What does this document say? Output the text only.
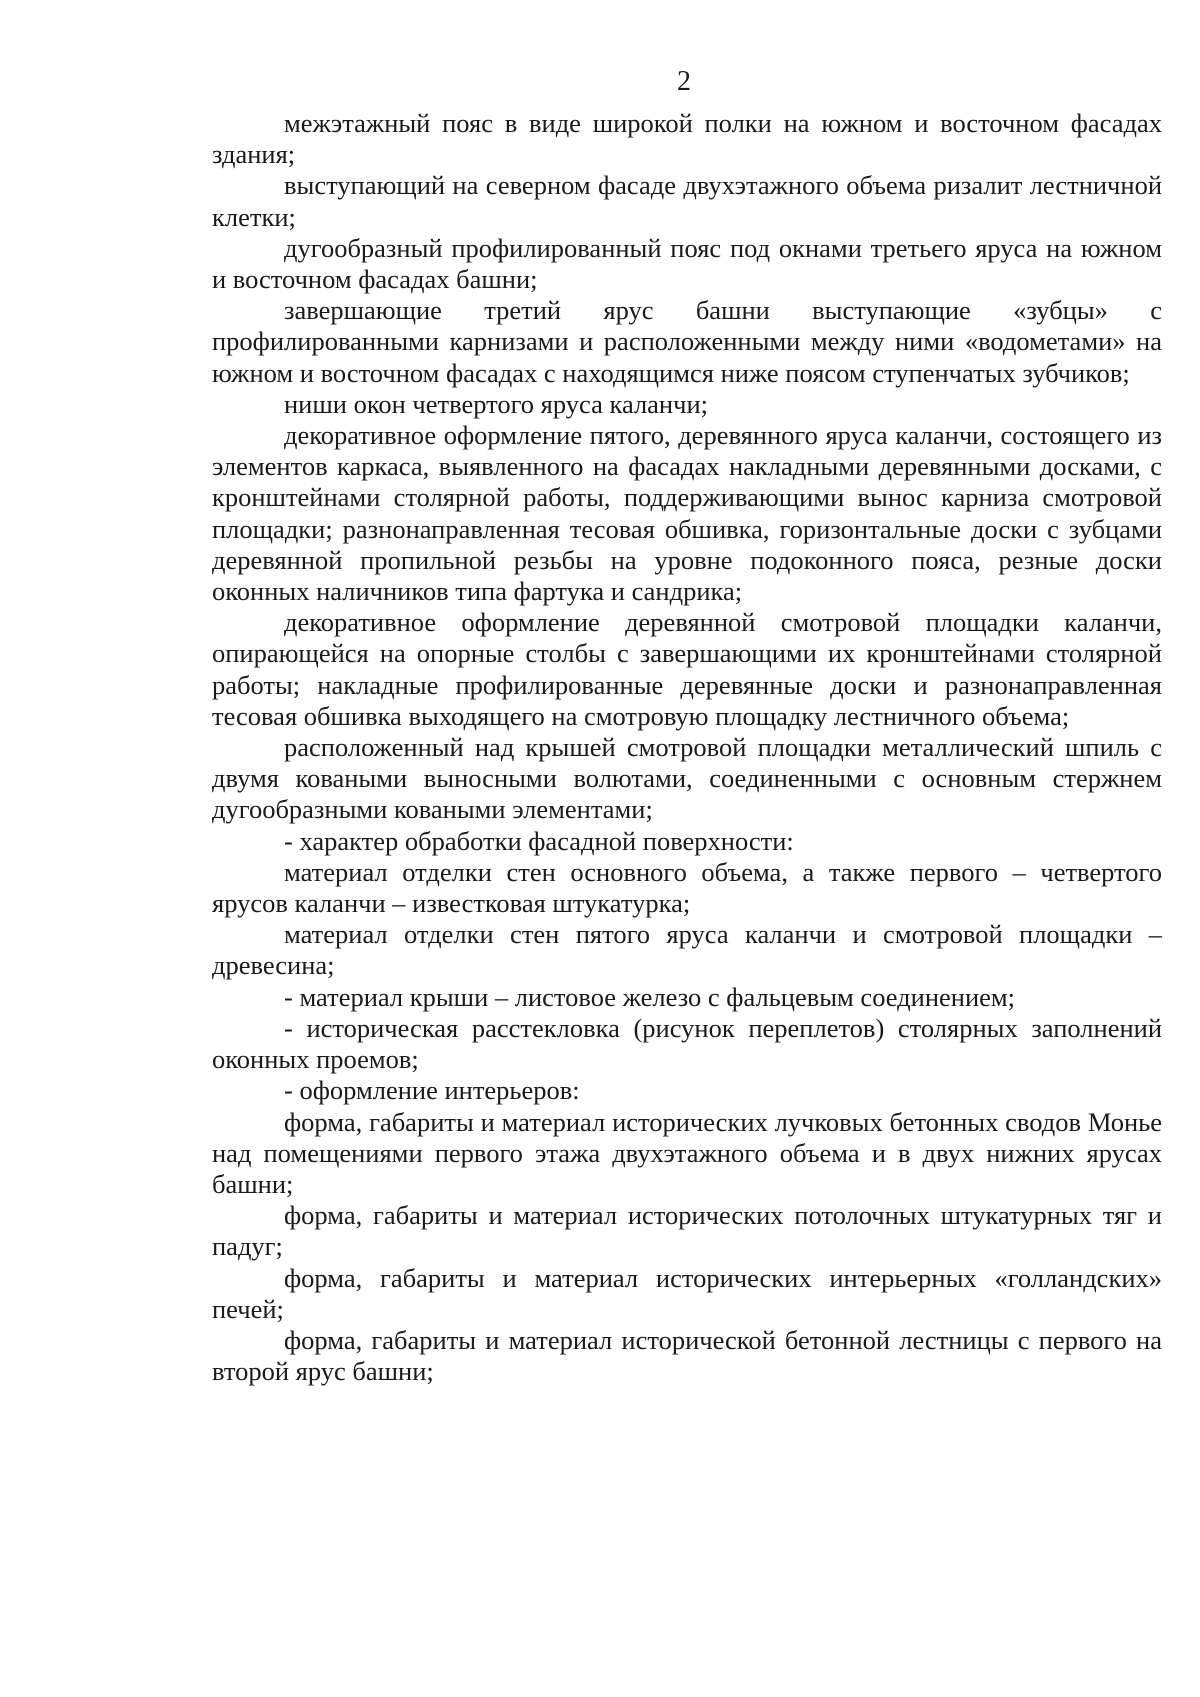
2

межэтажный пояс в виде широкой полки на южном и восточном фасадах здания;

выступающий на северном фасаде двухэтажного объема ризалит лестничной клетки;

дугообразный профилированный пояс под окнами третьего яруса на южном и восточном фасадах башни;

завершающие третий ярус башни выступающие «зубцы» с профилированными карнизами и расположенными между ними «водометами» на южном и восточном фасадах с находящимся ниже поясом ступенчатых зубчиков;

ниши окон четвертого яруса каланчи;

декоративное оформление пятого, деревянного яруса каланчи, состоящего из элементов каркаса, выявленного на фасадах накладными деревянными досками, с кронштейнами столярной работы, поддерживающими вынос карниза смотровой площадки; разнонаправленная тесовая обшивка, горизонтальные доски с зубцами деревянной пропильной резьбы на уровне подоконного пояса, резные доски оконных наличников типа фартука и сандрика;

декоративное оформление деревянной смотровой площадки каланчи, опирающейся на опорные столбы с завершающими их кронштейнами столярной работы; накладные профилированные деревянные доски и разнонаправленная тесовая обшивка выходящего на смотровую площадку лестничного объема;

расположенный над крышей смотровой площадки металлический шпиль с двумя коваными выносными волютами, соединенными с основным стержнем дугообразными коваными элементами;

- характер обработки фасадной поверхности:

материал отделки стен основного объема, а также первого – четвертого ярусов каланчи – известковая штукатурка;

материал отделки стен пятого яруса каланчи и смотровой площадки – древесина;

- материал крыши – листовое железо с фальцевым соединением;

- историческая расстекловка (рисунок переплетов) столярных заполнений оконных проемов;

- оформление интерьеров:

форма, габариты и материал исторических лучковых бетонных сводов Монье над помещениями первого этажа двухэтажного объема и в двух нижних ярусах башни;

форма, габариты и материал исторических потолочных штукатурных тяг и падуг;

форма, габариты и материал исторических интерьерных «голландских» печей;

форма, габариты и материал исторической бетонной лестницы с первого на второй ярус башни;
